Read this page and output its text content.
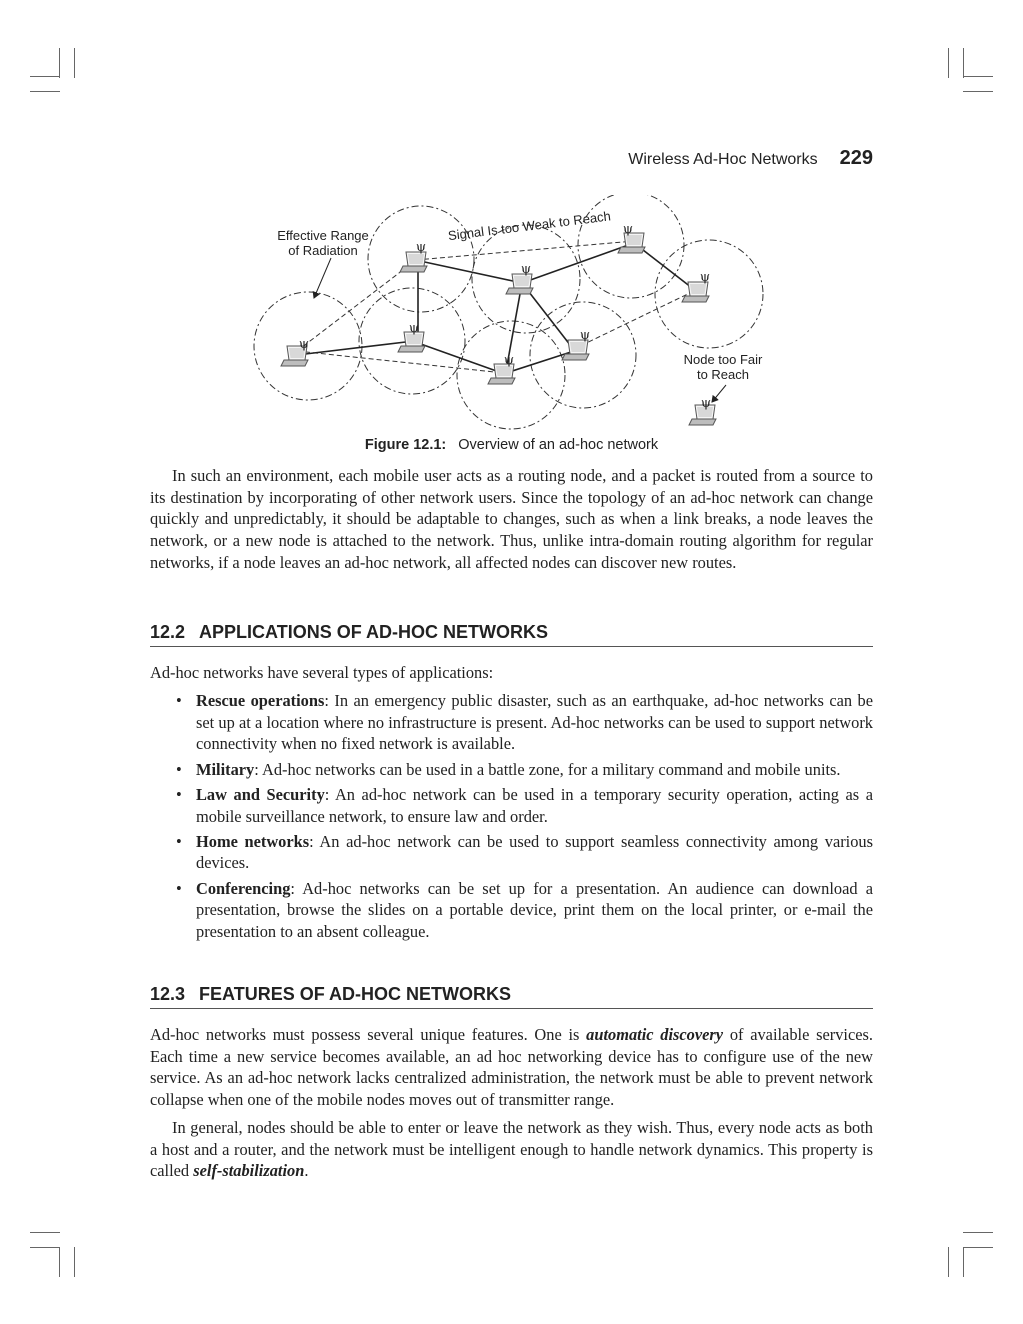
Wireless Ad-Hoc Networks 229
ψ
ψ
ψ
ψ
ψ
ψ
ψ
ψ
ψ
Effective Range of Radiation
Signal Is too Weak to Reach
Node too Fair to Reach
Figure 12.1: Overview of an ad-hoc network

In such an environment, each mobile user acts as a routing node, and a packet is routed from a source to its destination by incorporating of other network users. Since the topology of an ad-hoc network can change quickly and unpredictably, it should be adaptable to changes, such as when a link breaks, a node leaves the network, or a new node is attached to the network. Thus, unlike intra-domain routing algorithm for regular networks, if a node leaves an ad-hoc network, all affected nodes can discover new routes.

12.2 APPLICATIONS OF AD-HOC NETWORKS

Ad-hoc networks have several types of applications:

• Rescue operations: In an emergency public disaster, such as an earthquake, ad-hoc networks can be set up at a location where no infrastructure is present. Ad-hoc networks can be used to support network connectivity when no fixed network is available.
• Military: Ad-hoc networks can be used in a battle zone, for a military command and mobile units.
• Law and Security: An ad-hoc network can be used in a temporary security operation, acting as a mobile surveillance network, to ensure law and order.
• Home networks: An ad-hoc network can be used to support seamless connectivity among various devices.
• Conferencing: Ad-hoc networks can be set up for a presentation. An audience can download a presentation, browse the slides on a portable device, print them on the local printer, or e-mail the presentation to an absent colleague.
12.3 FEATURES OF AD-HOC NETWORKS

Ad-hoc networks must possess several unique features. One is automatic discovery of available services. Each time a new service becomes available, an ad hoc networking device has to configure use of the new service. As an ad-hoc network lacks centralized administration, the network must be able to prevent network collapse when one of the mobile nodes moves out of transmitter range.

In general, nodes should be able to enter or leave the network as they wish. Thus, every node acts as both a host and a router, and the network must be intelligent enough to handle network dynamics. This property is called self-stabilization.
